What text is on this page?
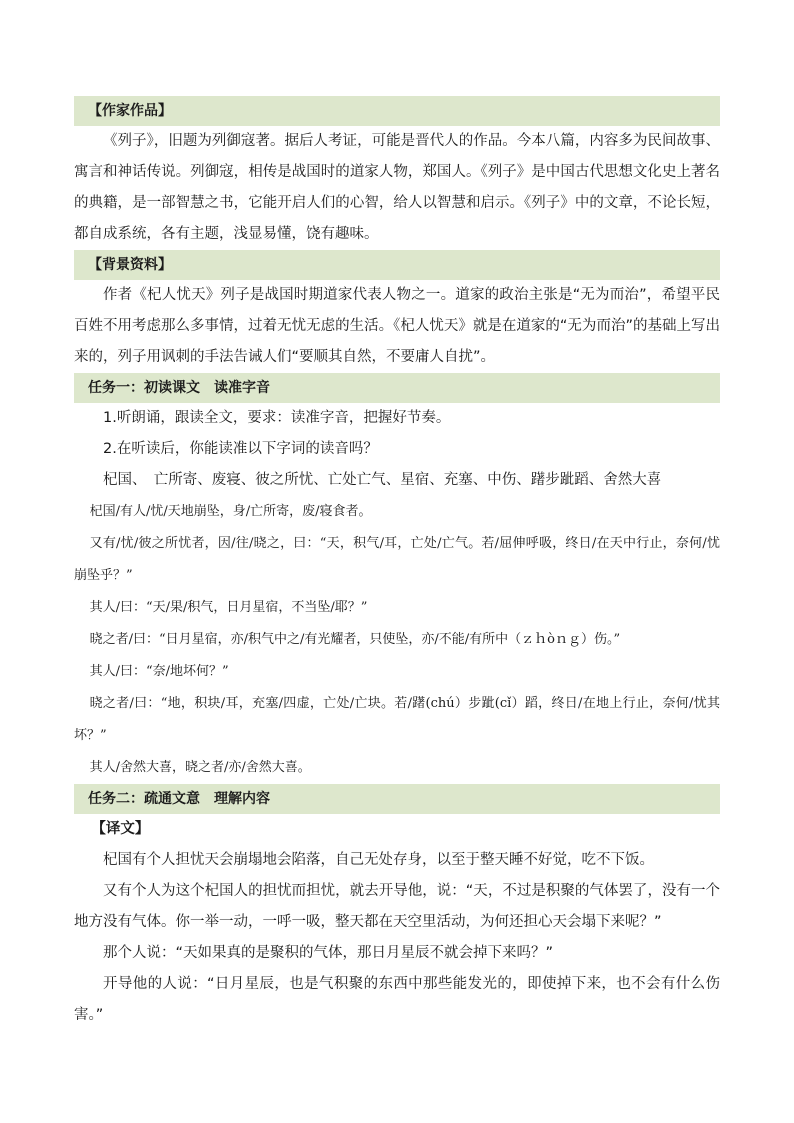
【作家作品】

《列子》，旧题为列御寇著。据后人考证，可能是晋代人的作品。今本八篇，内容多为民间故事、寓言和神话传说。列御寇，相传是战国时的道家人物，郑国人。《列子》是中国古代思想文化史上著名的典籍，是一部智慧之书，它能开启人们的心智，给人以智慧和启示。《列子》中的文章，不论长短，都自成系统，各有主题，浅显易懂，饶有趣味。

【背景资料】

作者《杞人忧天》列子是战国时期道家代表人物之一。道家的政治主张是“无为而治”，希望平民百姓不用考虑那么多事情，过着无忧无虑的生活。《杞人忧天》就是在道家的“无为而治”的基础上写出来的，列子用讽刺的手法告诫人们“要顺其自然，不要庸人自扰”。

任务一：初读课文　读准字音

1.听朗诵，跟读全文，要求：读准字音，把握好节奏。

2.在听读后，你能读准以下字词的读音吗？

杞国、　亡所寄、废寝、彼之所忧、亡处亡气、星宿、充塞、中伤、躇步跐蹈、舍然大喜

杞国/有人/忧/天地崩坠，身/亡所寄，废/寝食者。

又有/忧/彼之所忧者，因/往/晓之，曰：“天，积气/耳，亡处/亡气。若/屈伸呼吸，终日/在天中行止，奈何/忧崩坠乎？”

其人/曰：“天/果/积气，日月星宿，不当坠/耶？”

晓之者/曰：“日月星宿，亦/积气中之/有光耀者，只使坠，亦/不能/有所中（ｚｈòｎｇ）伤。”

其人/曰：“奈/地坏何？”

晓之者/曰：“地，积块/耳，充塞/四虚，亡处/亡块。若/躇(chú）步跐(cǐ）蹈，终日/在地上行止，奈何/忧其坏？”

其人/舍然大喜，晓之者/亦/舍然大喜。

任务二：疏通文意　理解内容

【译文】

杞国有个人担忧天会崩塌地会陷落，自己无处存身，以至于整天睡不好觉，吃不下饭。

又有个人为这个杞国人的担忧而担忧，就去开导他，说：“天，不过是积聚的气体罢了，没有一个地方没有气体。你一举一动，一呼一吸，整天都在天空里活动，为何还担心天会塌下来呢？”

那个人说：“天如果真的是聚积的气体，那日月星辰不就会掉下来吗？”

开导他的人说：“日月星辰，也是气积聚的东西中那些能发光的，即使掉下来，也不会有什么伤害。”
